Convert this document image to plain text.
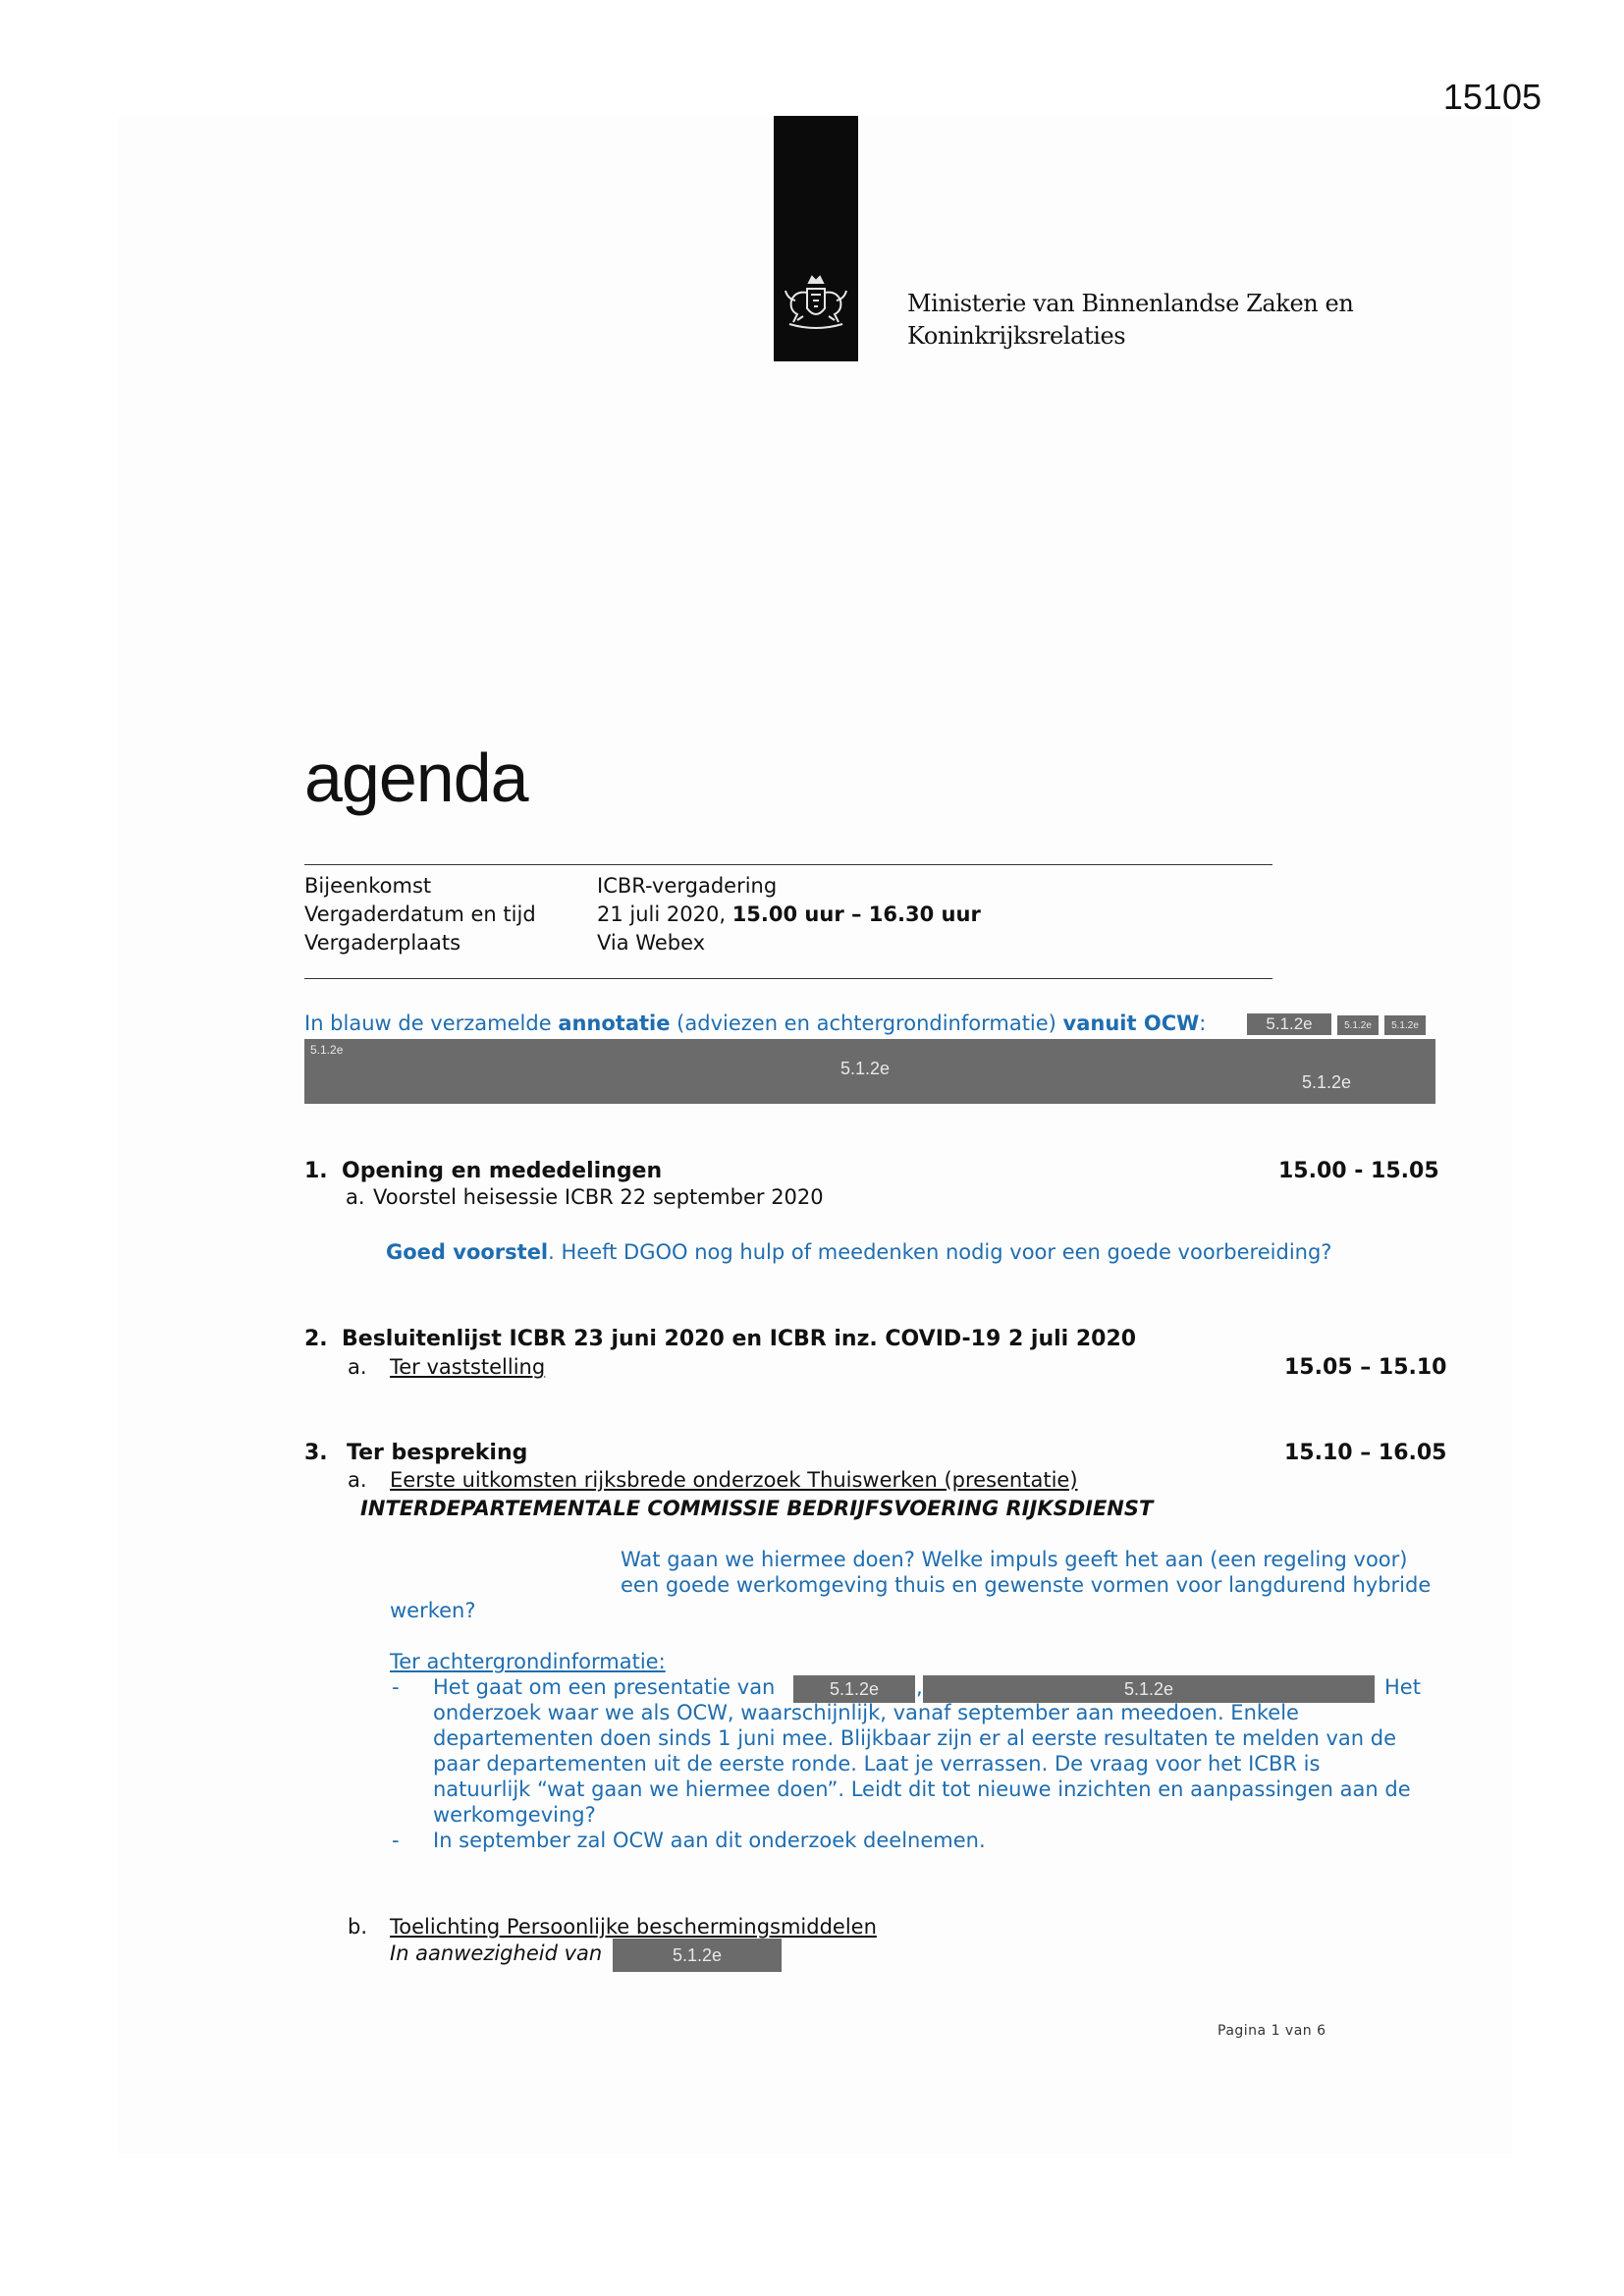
15105
Ministerie van Binnenlandse Zaken en
Koninkrijksrelaties
agenda
Bijeenkomst	ICBR-vergadering
Vergaderdatum en tijd	21 juli 2020, 15.00 uur – 16.30 uur
Vergaderplaats	Via Webex
In blauw de verzamelde annotatie (adviezen en achtergrondinformatie) vanuit OCW:	5.1.2e	5.1.2e	5.1.2e
5.1.2e
5.1.2e
5.1.2e
1. Opening en mededelingen	15.00 - 15.05
a. Voorstel heisessie ICBR 22 september 2020
Goed voorstel. Heeft DGOO nog hulp of meedenken nodig voor een goede voorbereiding?
2. Besluitenlijst ICBR 23 juni 2020 en ICBR inz. COVID-19 2 juli 2020
a. Ter vaststelling	15.05 – 15.10
3. Ter bespreking	15.10 – 16.05
a. Eerste uitkomsten rijksbrede onderzoek Thuiswerken (presentatie)
INTERDEPARTEMENTALE COMMISSIE BEDRIJFSVOERING RIJKSDIENST
Wat gaan we hiermee doen? Welke impuls geeft het aan (een regeling voor)
een goede werkomgeving thuis en gewenste vormen voor langdurend hybride
werken?
Ter achtergrondinformatie:
- Het gaat om een presentatie van	5.1.2e	,	5.1.2e	Het
onderzoek waar we als OCW, waarschijnlijk, vanaf september aan meedoen. Enkele
departementen doen sinds 1 juni mee. Blijkbaar zijn er al eerste resultaten te melden van de
paar departementen uit de eerste ronde. Laat je verrassen. De vraag voor het ICBR is
natuurlijk “wat gaan we hiermee doen”. Leidt dit tot nieuwe inzichten en aanpassingen aan de
werkomgeving?
- In september zal OCW aan dit onderzoek deelnemen.
b. Toelichting Persoonlijke beschermingsmiddelen
In aanwezigheid van	5.1.2e
Pagina 1 van 6
